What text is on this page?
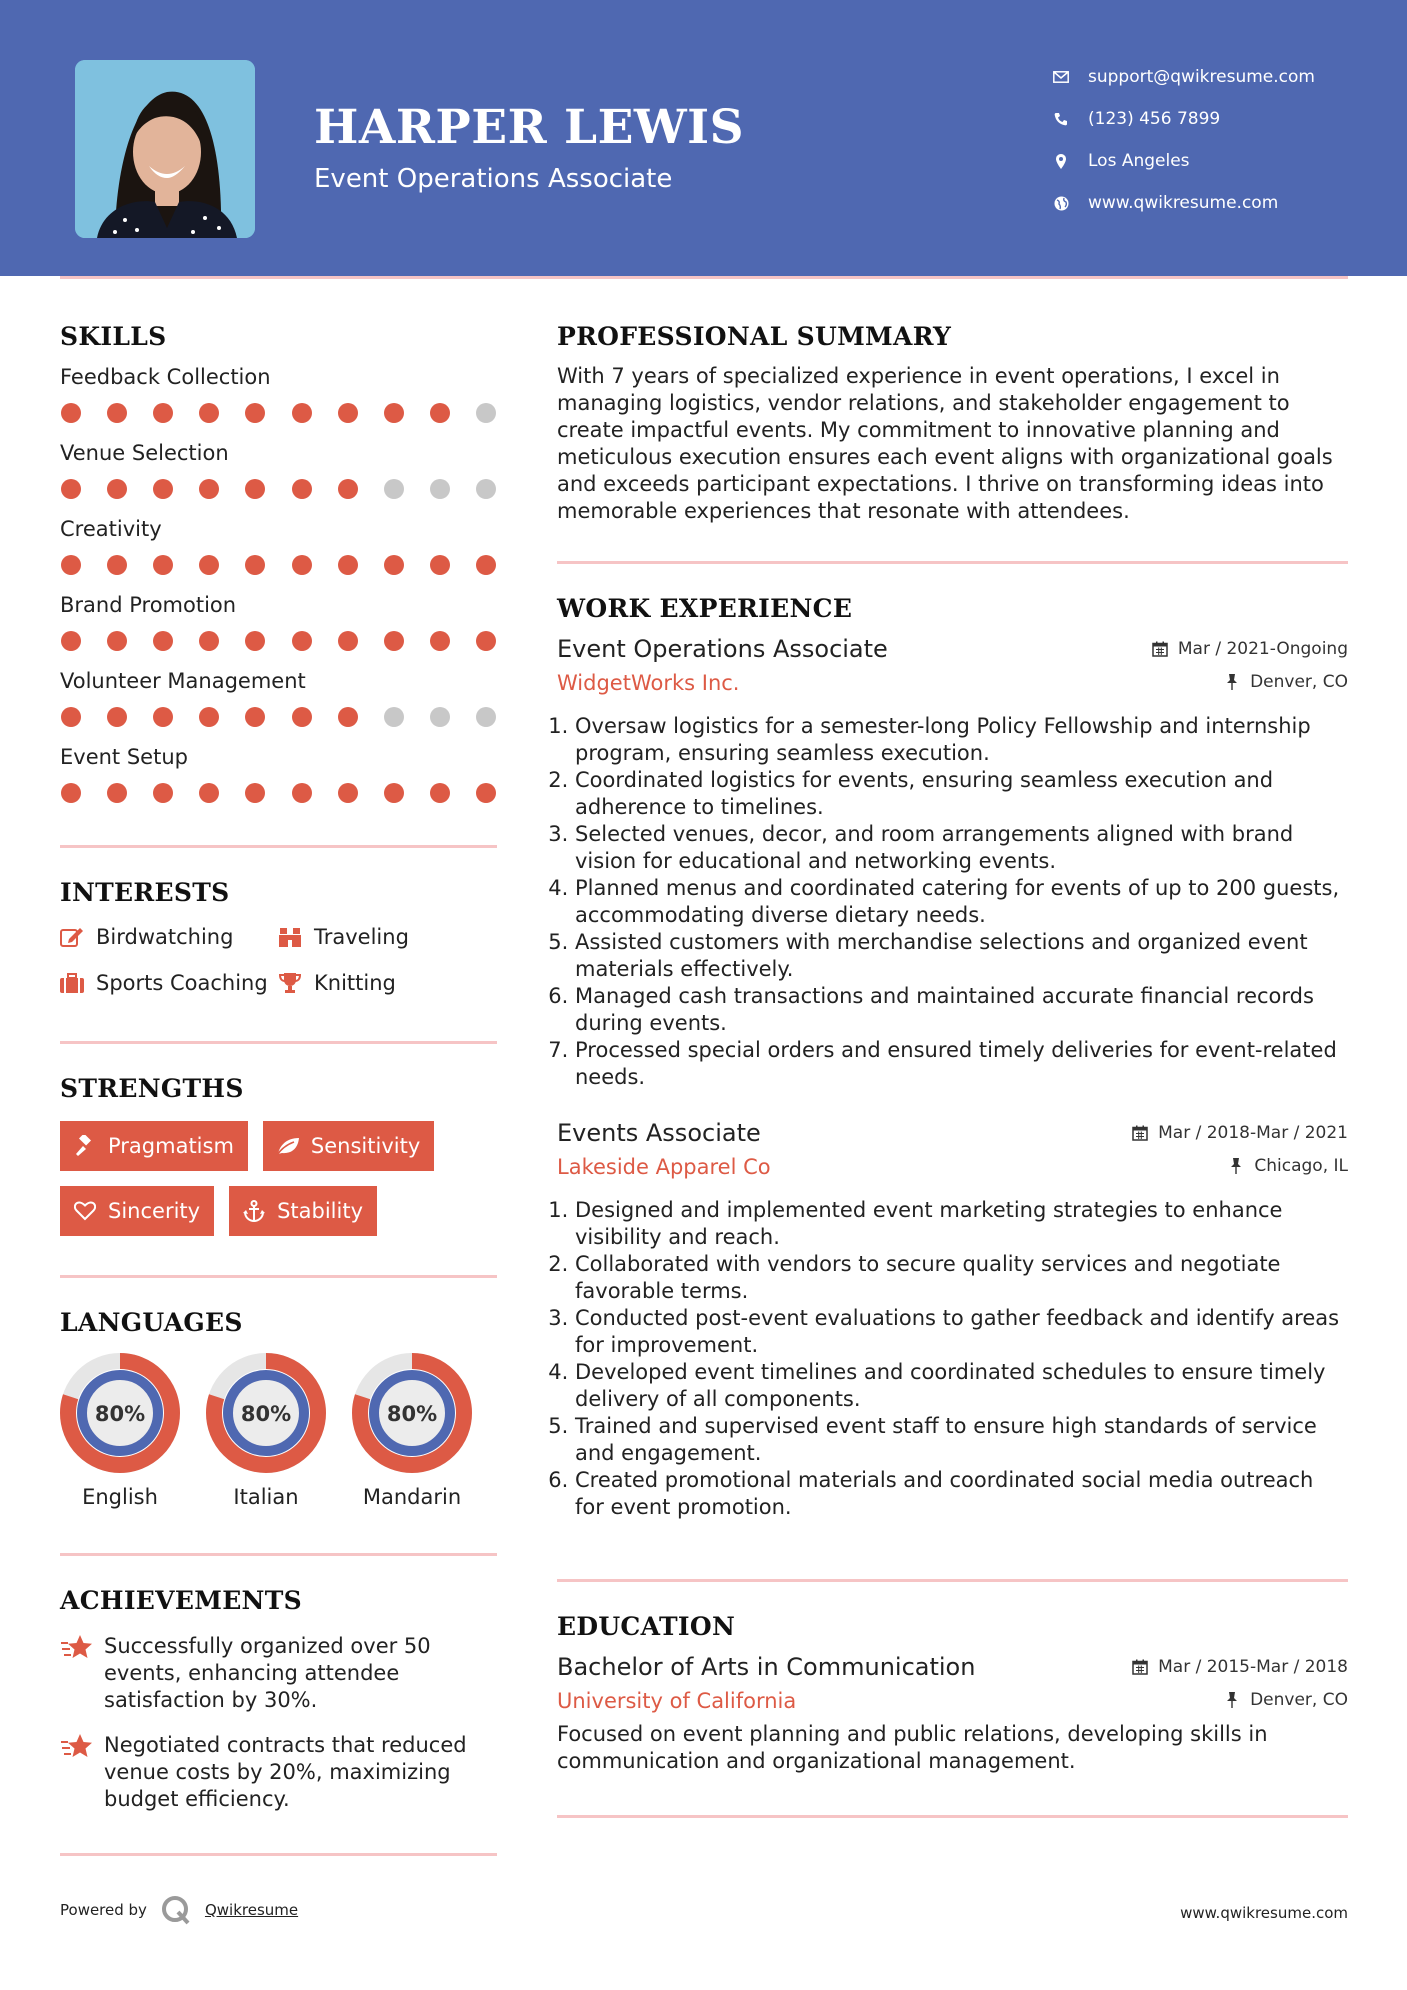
HARPER LEWIS
Event Operations Associate
support@qwikresume.com
(123) 456 7899
Los Angeles
www.qwikresume.com
SKILLS
Feedback Collection
Venue Selection
Creativity
Brand Promotion
Volunteer Management
Event Setup
INTERESTS
Birdwatching	Traveling
Sports Coaching Knitting
STRENGTHS
Pragmatism	Sensitivity
Sincerity	Stability
LANGUAGES
80%
English
80%
Italian
80%
Mandarin
ACHIEVEMENTS
Successfully organized over 50 events, enhancing attendee satisfaction by 30%.
Negotiated contracts that reduced venue costs by 20%, maximizing budget efficiency.
PROFESSIONAL SUMMARY
With 7 years of specialized experience in event operations, I excel in managing logistics, vendor relations, and stakeholder engagement to create impactful events. My commitment to innovative planning and meticulous execution ensures each event aligns with organizational goals and exceeds participant expectations. I thrive on transforming ideas into memorable experiences that resonate with attendees.
WORK EXPERIENCE
Event Operations Associate	Mar / 2021-Ongoing
WidgetWorks Inc.	Denver, CO
1. Oversaw logistics for a semester-long Policy Fellowship and internship program, ensuring seamless execution.
2. Coordinated logistics for events, ensuring seamless execution and adherence to timelines.
3. Selected venues, decor, and room arrangements aligned with brand vision for educational and networking events.
4. Planned menus and coordinated catering for events of up to 200 guests, accommodating diverse dietary needs.
5. Assisted customers with merchandise selections and organized event materials effectively.
6. Managed cash transactions and maintained accurate financial records during events.
7. Processed special orders and ensured timely deliveries for event-related needs.
Events Associate	Mar / 2018-Mar / 2021
Lakeside Apparel Co	Chicago, IL
1. Designed and implemented event marketing strategies to enhance visibility and reach.
2. Collaborated with vendors to secure quality services and negotiate favorable terms.
3. Conducted post-event evaluations to gather feedback and identify areas for improvement.
4. Developed event timelines and coordinated schedules to ensure timely delivery of all components.
5. Trained and supervised event staff to ensure high standards of service and engagement.
6. Created promotional materials and coordinated social media outreach for event promotion.
EDUCATION
Bachelor of Arts in Communication	Mar / 2015-Mar / 2018
University of California	Denver, CO
Focused on event planning and public relations, developing skills in communication and organizational management.
Powered by	Qwikresume	www.qwikresume.com
